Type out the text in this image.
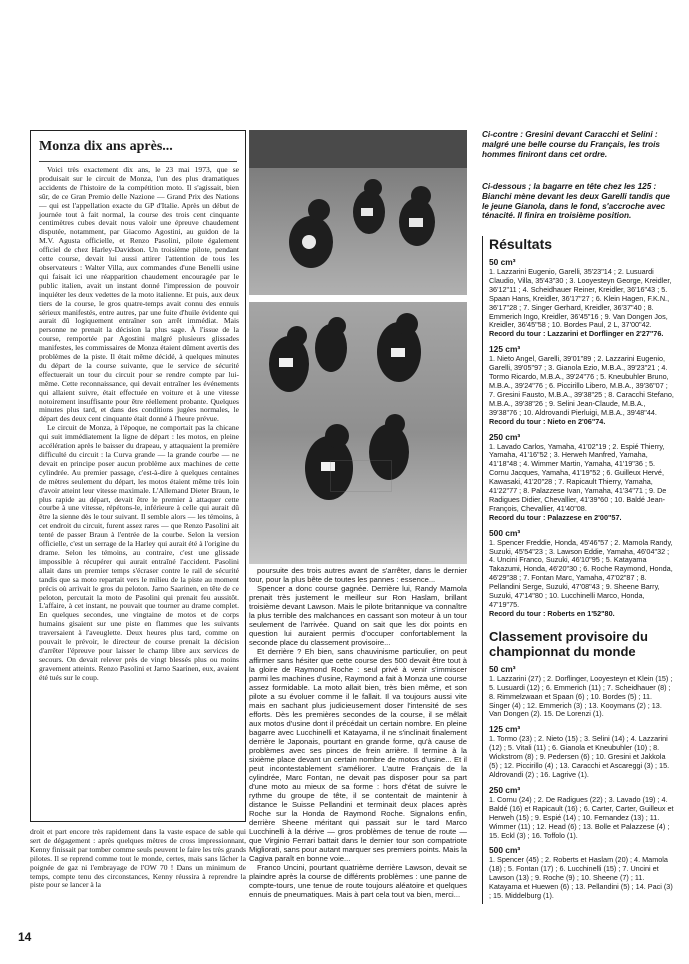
Monza dix ans après...
Voici très exactement dix ans, le 23 mai 1973, que se produisait sur le circuit de Monza, l'un des plus dramatiques accidents de l'histoire de la compétition moto. Il s'agissait, bien sûr, de ce Gran Premio delle Nazione — Grand Prix des Nations — qui est l'appellation exacte du GP d'Italie. Après un début de journée tout à fait normal, la course des trois cent cinquante centimètres cubes devait nous valoir une épreuve chaudement disputée, notamment, par Giacomo Agostini, au guidon de la M.V. Agusta officielle, et Renzo Pasolini, pilote également officiel de chez Harley-Davidson. Un troisième pilote, pendant cette course, devait lui aussi attirer l'attention de tous les observateurs : Walter Villa, aux commandes d'une Benelli usine qui faisait ici une réapparition chaudement encouragée par le public italien, avait un instant donné l'impression de pouvoir inquiéter les deux vedettes de la moto italienne. Et puis, aux deux tiers de la course, le gros quatre-temps avait connu des ennuis sérieux manifestés, entre autres, par une fuite d'huile évidente qui aurait dû logiquement entraîner son arrêt immédiat. Mais personne ne prenait la décision la plus sage. À l'issue de la course, remportée par Agostini malgré plusieurs glissades manifestes, les commissaires de Monza étaient dûment avertis des problèmes de la piste. Il était même décidé, à quelques minutes du départ de la course suivante, que le service de sécurité effectuerait un tour du circuit pour se rendre compte par lui-même. Cette reconnaissance, qui devait entraîner les événements qui allaient suivre, était effectuée en voiture et à une vitesse notoirement insuffisante pour être réellement probante. Quelques minutes plus tard, et dans des conditions jugées normales, le départ des deux cent cinquante était donné à l'heure prévue.
Le circuit de Monza, à l'époque, ne comportait pas la chicane qui suit immédiatement la ligne de départ : les motos, en pleine accélération après le baisser du drapeau, y attaquaient la première difficulté du circuit : la Curva grande — la grande courbe — ne devait en principe poser aucun problème aux machines de cette cylindrée. Au premier passage, c'est-à-dire à quelques centaines de mètres seulement du départ, les motos étaient même très loin d'avoir atteint leur vitesse maximale. L'Allemand Dieter Braun, le plus rapide au départ, devait être le premier à attaquer cette courbe à une vitesse, répétons-le, inférieure à celle qui aurait dû être la sienne dès le tour suivant. Il semble alors — les témoins, à cet endroit du circuit, furent assez rares — que Renzo Pasolini ait tenté de passer Braun à l'entrée de la courbe. Selon la version officielle, c'est un serrage de la Harley qui aurait été à l'origine du drame. Selon les témoins, au contraire, c'est une glissade impossible à récupérer qui aurait entraîné l'accident. Pasolini allait dans un premier temps s'écraser contre le rail de sécurité tandis que sa moto repartait vers le milieu de la piste au moment précis où arrivait le gros du peloton. Jarno Saarinen, en tête de ce peloton, percutait la moto de Pasolini qui prenait feu aussitôt. L'affaire, à cet instant, ne pouvait que tourner au drame complet. En quelques secondes, une vingtaine de motos et de corps humains gisaient sur une piste en flammes que les suivants traversaient à l'aveuglette. Deux heures plus tard, comme on pouvait le prévoir, le directeur de course prenait la décision d'arrêter l'épreuve pour laisser le champ libre aux services de secours. On devait relever près de vingt blessés plus ou moins gravement atteints. Renzo Pasolini et Jarno Saarinen, eux, avaient été tués sur le coup.
droit et part encore très rapidement dans la vaste espace de sable qui sert de dégagement : après quelques mètres de cross impressionnant, Kenny finissait par tomber comme seuls peuvent le faire les très grands pilotes. Il se reprend comme tout le monde, certes, mais sans lâcher la poignée de gaz ni l'embrayage de l'OW 70 ! Dans un minimum de temps, compte tenu des circonstances, Kenny réussira à reprendre la piste pour se lancer à la
14
poursuite des trois autres avant de s'arrêter, dans le dernier tour, pour la plus bête de toutes les pannes : essence...
Spencer a donc course gagnée. Derrière lui, Randy Mamola prenait très justement le meilleur sur Ron Haslam, brillant troisième devant Lawson. Mais le pilote britannique va connaître la plus terrible des malchances en cassant son moteur à un tour seulement de l'arrivée. Quand on sait que les dix points en question lui auraient permis d'occuper confortablement la seconde place du classement provisoire...
Et derrière ? Eh bien, sans chauvinisme particulier, on peut affirmer sans hésiter que cette course des 500 devait être tout à la gloire de Raymond Roche : seul privé à venir s'immiscer parmi les machines d'usine, Raymond a fait à Monza une course assez formidable. La moto allait bien, très bien même, et son pilote a su évoluer comme il le fallait. Il va toujours aussi vite mais en sachant plus judicieusement doser l'intensité de ses efforts. Dès les premières secondes de la course, il se mêlait aux motos d'usine dont il précédait un certain nombre. En pleine bagarre avec Lucchinelli et Katayama, il ne s'inclinait finalement derrière le Japonais, pourtant en grande forme, qu'à cause de problèmes avec ses pinces de frein arrière. Il termine à la sixième place devant un certain nombre de motos d'usine... Et il peut incontestablement s'améliorer. L'autre Français de la cylindrée, Marc Fontan, ne devait pas disposer pour sa part d'une moto au mieux de sa forme : hors d'état de suivre le rythme du groupe de tête, il se contentait de maintenir à distance le Suisse Pellandini et terminait deux places après Roche sur la Honda de Raymond Roche. Signalons enfin, derrière Sheene méritant qui passait sur le tard Marco Lucchinelli à la dérive — gros problèmes de tenue de route — que Virginio Ferrari battait dans le dernier tour son compatriote Migliorati, sans pour autant marquer ses premiers points. Mais la Cagiva paraît en bonne voie...
Franco Uncini, pourtant quatrième derrière Lawson, devait se plaindre après la course de différents problèmes : une panne de compte-tours, une tenue de route toujours aléatoire et quelques ennuis de pneumatiques. Mais à part cela tout va bien, merci...
Ci-contre : Gresini devant Caracchi et Selini : malgré une belle course du Français, les trois hommes finiront dans cet ordre.
Ci-dessous ; la bagarre en tête chez les 125 : Bianchi mène devant les deux Garelli tandis que le jeune Gianola, dans le fond, s'accroche avec ténacité. Il finira en troisième position.
Résultats
50 cm³
1. Lazzarini Eugenio, Garelli, 35'23"14 ; 2. Lusuardi Claudio, Villa, 35'43"30 ; 3. Looyesteyn George, Kreidler, 36'12"11 ; 4. Scheidhauer Reiner, Kreidler, 36'16"43 ; 5. Spaan Hans, Kreidler, 36'17"27 ; 6. Klein Hagen, F.K.N., 36'17"28 ; 7. Singer Gerhard, Kreidler, 36'37"40 ; 8. Emmerich Ingo, Kreidler, 36'45"16 ; 9. Van Dongen Jos, Kreidler, 36'45"58 ; 10. Bordes Paul, 2 L, 37'00"42.
Record du tour : Lazzarini et Dorflinger en 2'27"76.
125 cm³
1. Nieto Angel, Garelli, 39'01"89 ; 2. Lazzarini Eugenio, Garelli, 39'05"97 ; 3. Gianola Ezio, M.B.A., 39'23"21 ; 4. Tormo Ricardo, M.B.A., 39'24"76 ; 5. Kneubuhler Bruno, M.B.A., 39'24"76 ; 6. Piccirillo Libero, M.B.A., 39'36"07 ; 7. Gresini Fausto, M.B.A., 39'38"25 ; 8. Caracchi Stefano, M.B.A., 39'38"26 ; 9. Selini Jean-Claude, M.B.A., 39'38"76 ; 10. Aldrovandi Pierluigi, M.B.A., 39'48"44.
Record du tour : Nieto en 2'06"74.
250 cm³
1. Lavado Carlos, Yamaha, 41'02"19 ; 2. Espié Thierry, Yamaha, 41'16"52 ; 3. Herweh Manfred, Yamaha, 41'18"48 ; 4. Wimmer Martin, Yamaha, 41'19"36 ; 5. Cornu Jacques, Yamaha, 41'19"52 ; 6. Guilleux Hervé, Kawasaki, 41'20"28 ; 7. Rapicault Thierry, Yamaha, 41'22"77 ; 8. Palazzese Ivan, Yamaha, 41'34"71 ; 9. De Radigues Didier, Chevallier, 41'39"60 ; 10. Baldé Jean-François, Chevallier, 41'40"08.
Record du tour : Palazzese en 2'00"57.
500 cm³
1. Spencer Freddie, Honda, 45'46"57 ; 2. Mamola Randy, Suzuki, 45'54"23 ; 3. Lawson Eddie, Yamaha, 46'04"32 ; 4. Uncini Franco, Suzuki, 46'10"95 ; 5. Katayama Takazumi, Honda, 46'20"30 ; 6. Roche Raymond, Honda, 46'29"38 ; 7. Fontan Marc, Yamaha, 47'02"87 ; 8. Pellandini Serge, Suzuki, 47'08"43 ; 9. Sheene Barry, Suzuki, 47'14"80 ; 10. Lucchinelli Marco, Honda, 47'19"75.
Record du tour : Roberts en 1'52"80.
Classement provisoire du championnat du monde
50 cm³
1. Lazzarini (27) ; 2. Dorflinger, Looyesteyn et Klein (15) ; 5. Lusuardi (12) ; 6. Emmerich (11) ; 7. Scheidhauer (8) ; 8. Rimmelzwaan et Spaan (6) ; 10. Bordes (5) ; 11. Singer (4) ; 12. Emmerich (3) ; 13. Kooymans (2) ; 13. Van Dongen (2). 15. De Lorenzi (1).
125 cm³
1. Tormo (23) ; 2. Nieto (15) ; 3. Selini (14) ; 4. Lazzarini (12) ; 5. Vitali (11) ; 6. Gianola et Kneubuhler (10) ; 8. Wickstrom (8) ; 9. Pedersen (6) ; 10. Gresini et Jakkola (5) ; 12. Piccirillo (4) ; 13. Caracchi et Ascareggi (3) ; 15. Aldrovandi (2) ; 16. Lagrive (1).
250 cm³
1. Cornu (24) ; 2. De Radigues (22) ; 3. Lavado (19) ; 4. Baldé (16) et Rapicault (16) ; 6. Carter, Carter, Guilleux et Herweh (15) ; 9. Espié (14) ; 10. Fernandez (13) ; 11. Wimmer (11) ; 12. Head (6) ; 13. Bolle et Palazzese (4) ; 15. Eckl (3) ; 16. Toffolo (1).
500 cm³
1. Spencer (45) ; 2. Roberts et Haslam (20) ; 4. Mamola (18) ; 5. Fontan (17) ; 6. Lucchinelli (15) ; 7. Uncini et Lawson (13) ; 9. Roche (9) ; 10. Sheene (7) ; 11. Katayama et Huewen (6) ; 13. Pellandini (5) ; 14. Paci (3) ; 15. Middelburg (1).
